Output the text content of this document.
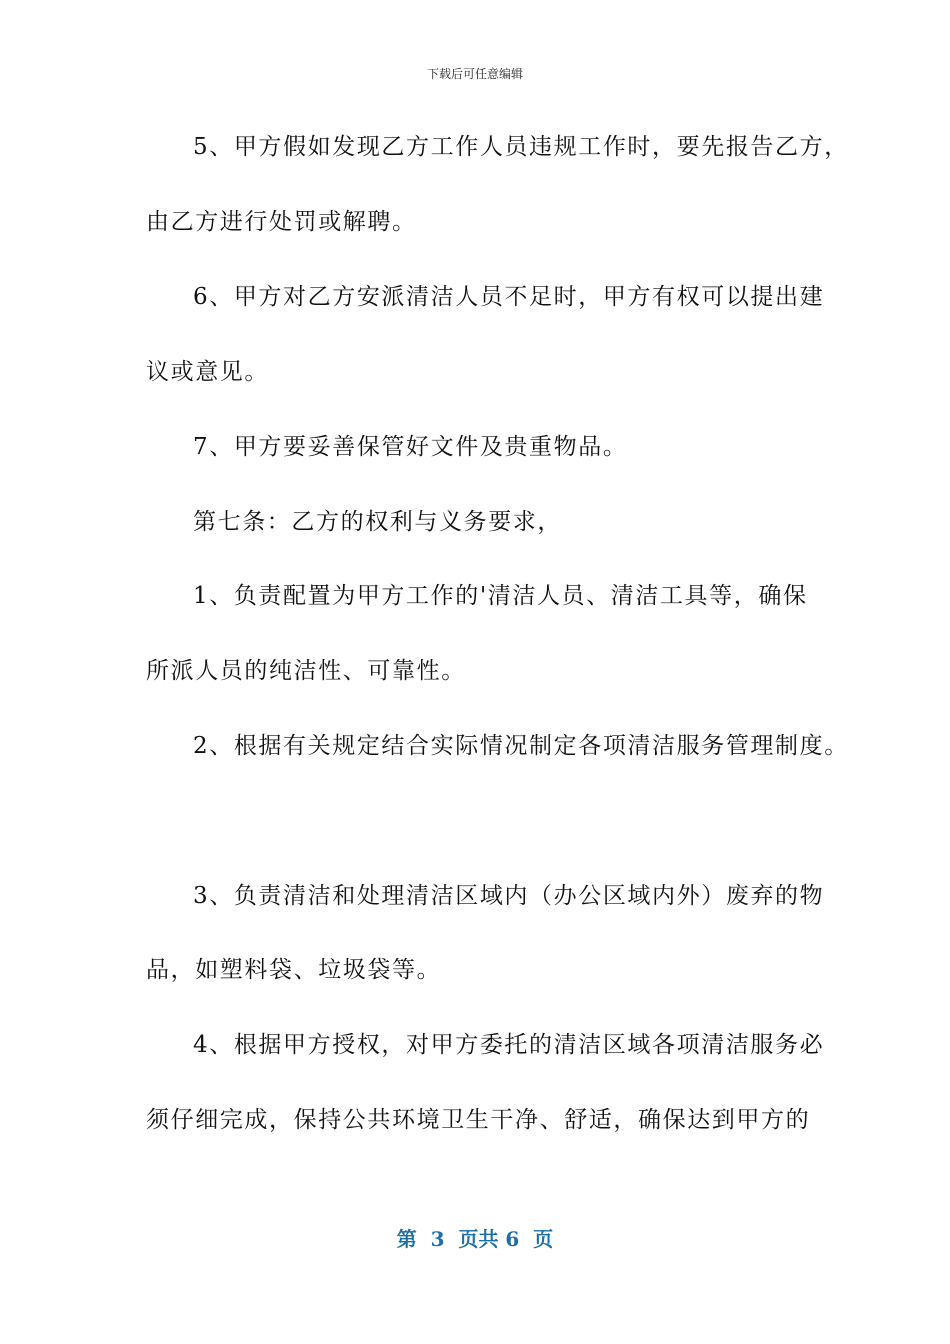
下载后可任意编辑
5、甲方假如发现乙方工作人员违规工作时，要先报告乙方，
由乙方进行处罚或解聘。
6、甲方对乙方安派清洁人员不足时，甲方有权可以提出建
议或意见。
7、甲方要妥善保管好文件及贵重物品。
第七条：乙方的权利与义务要求，
1、负责配置为甲方工作的'清洁人员、清洁工具等，确保
所派人员的纯洁性、可靠性。
2、根据有关规定结合实际情况制定各项清洁服务管理制度。
3、负责清洁和处理清洁区域内（办公区域内外）废弃的物
品，如塑料袋、垃圾袋等。
4、根据甲方授权，对甲方委托的清洁区域各项清洁服务必
须仔细完成，保持公共环境卫生干净、舒适，确保达到甲方的
第  3  页共 6  页
